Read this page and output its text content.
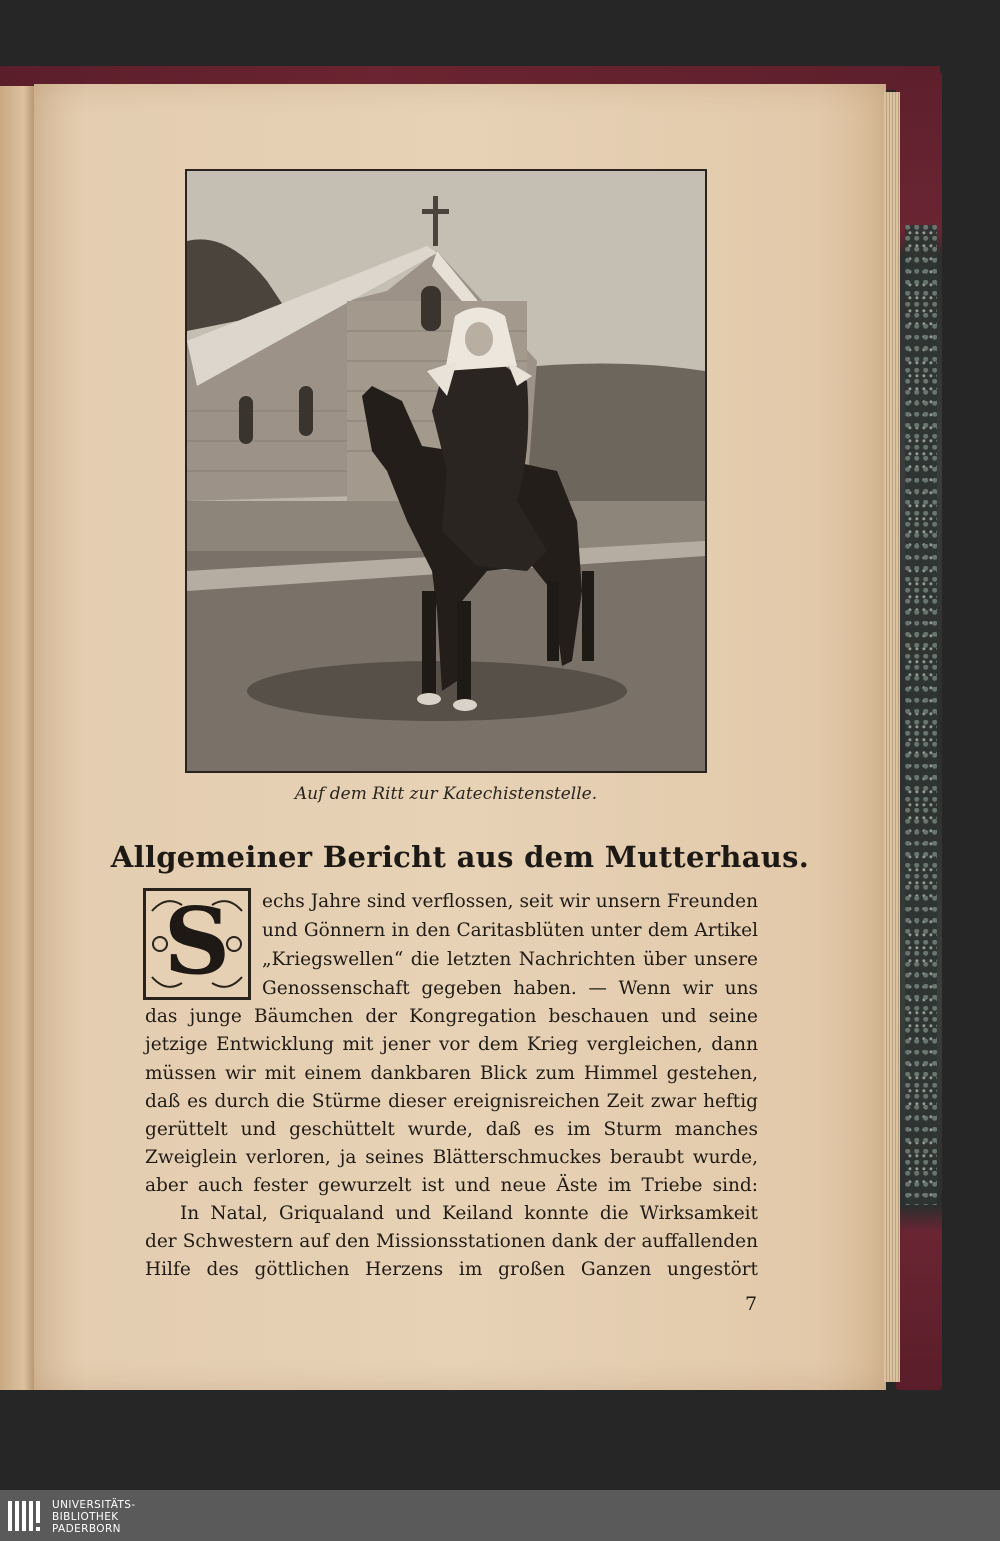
Auf dem Ritt zur Katechistenstelle.
Allgemeiner Bericht aus dem Mutterhaus.
S	echs Jahre sind verflossen, seit wir unsern Freunden
und Gönnern in den Caritasblüten unter dem Artikel
„Kriegswellen“ die letzten Nachrichten über unsere
Genossenschaft gegeben haben. — Wenn wir uns
das junge Bäumchen der Kongregation beschauen und seine
jetzige Entwicklung mit jener vor dem Krieg vergleichen, dann
müssen wir mit einem dankbaren Blick zum Himmel gestehen,
daß es durch die Stürme dieser ereignisreichen Zeit zwar heftig
gerüttelt und geschüttelt wurde, daß es im Sturm manches
Zweiglein verloren, ja seines Blätterschmuckes beraubt wurde,
aber auch fester gewurzelt ist und neue Äste im Triebe sind:
In Natal, Griqualand und Keiland konnte die Wirksamkeit
der Schwestern auf den Missionsstationen dank der auffallenden
Hilfe des göttlichen Herzens im großen Ganzen ungestört
7
UNIVERSITÄTS-
BIBLIOTHEK
PADERBORN
